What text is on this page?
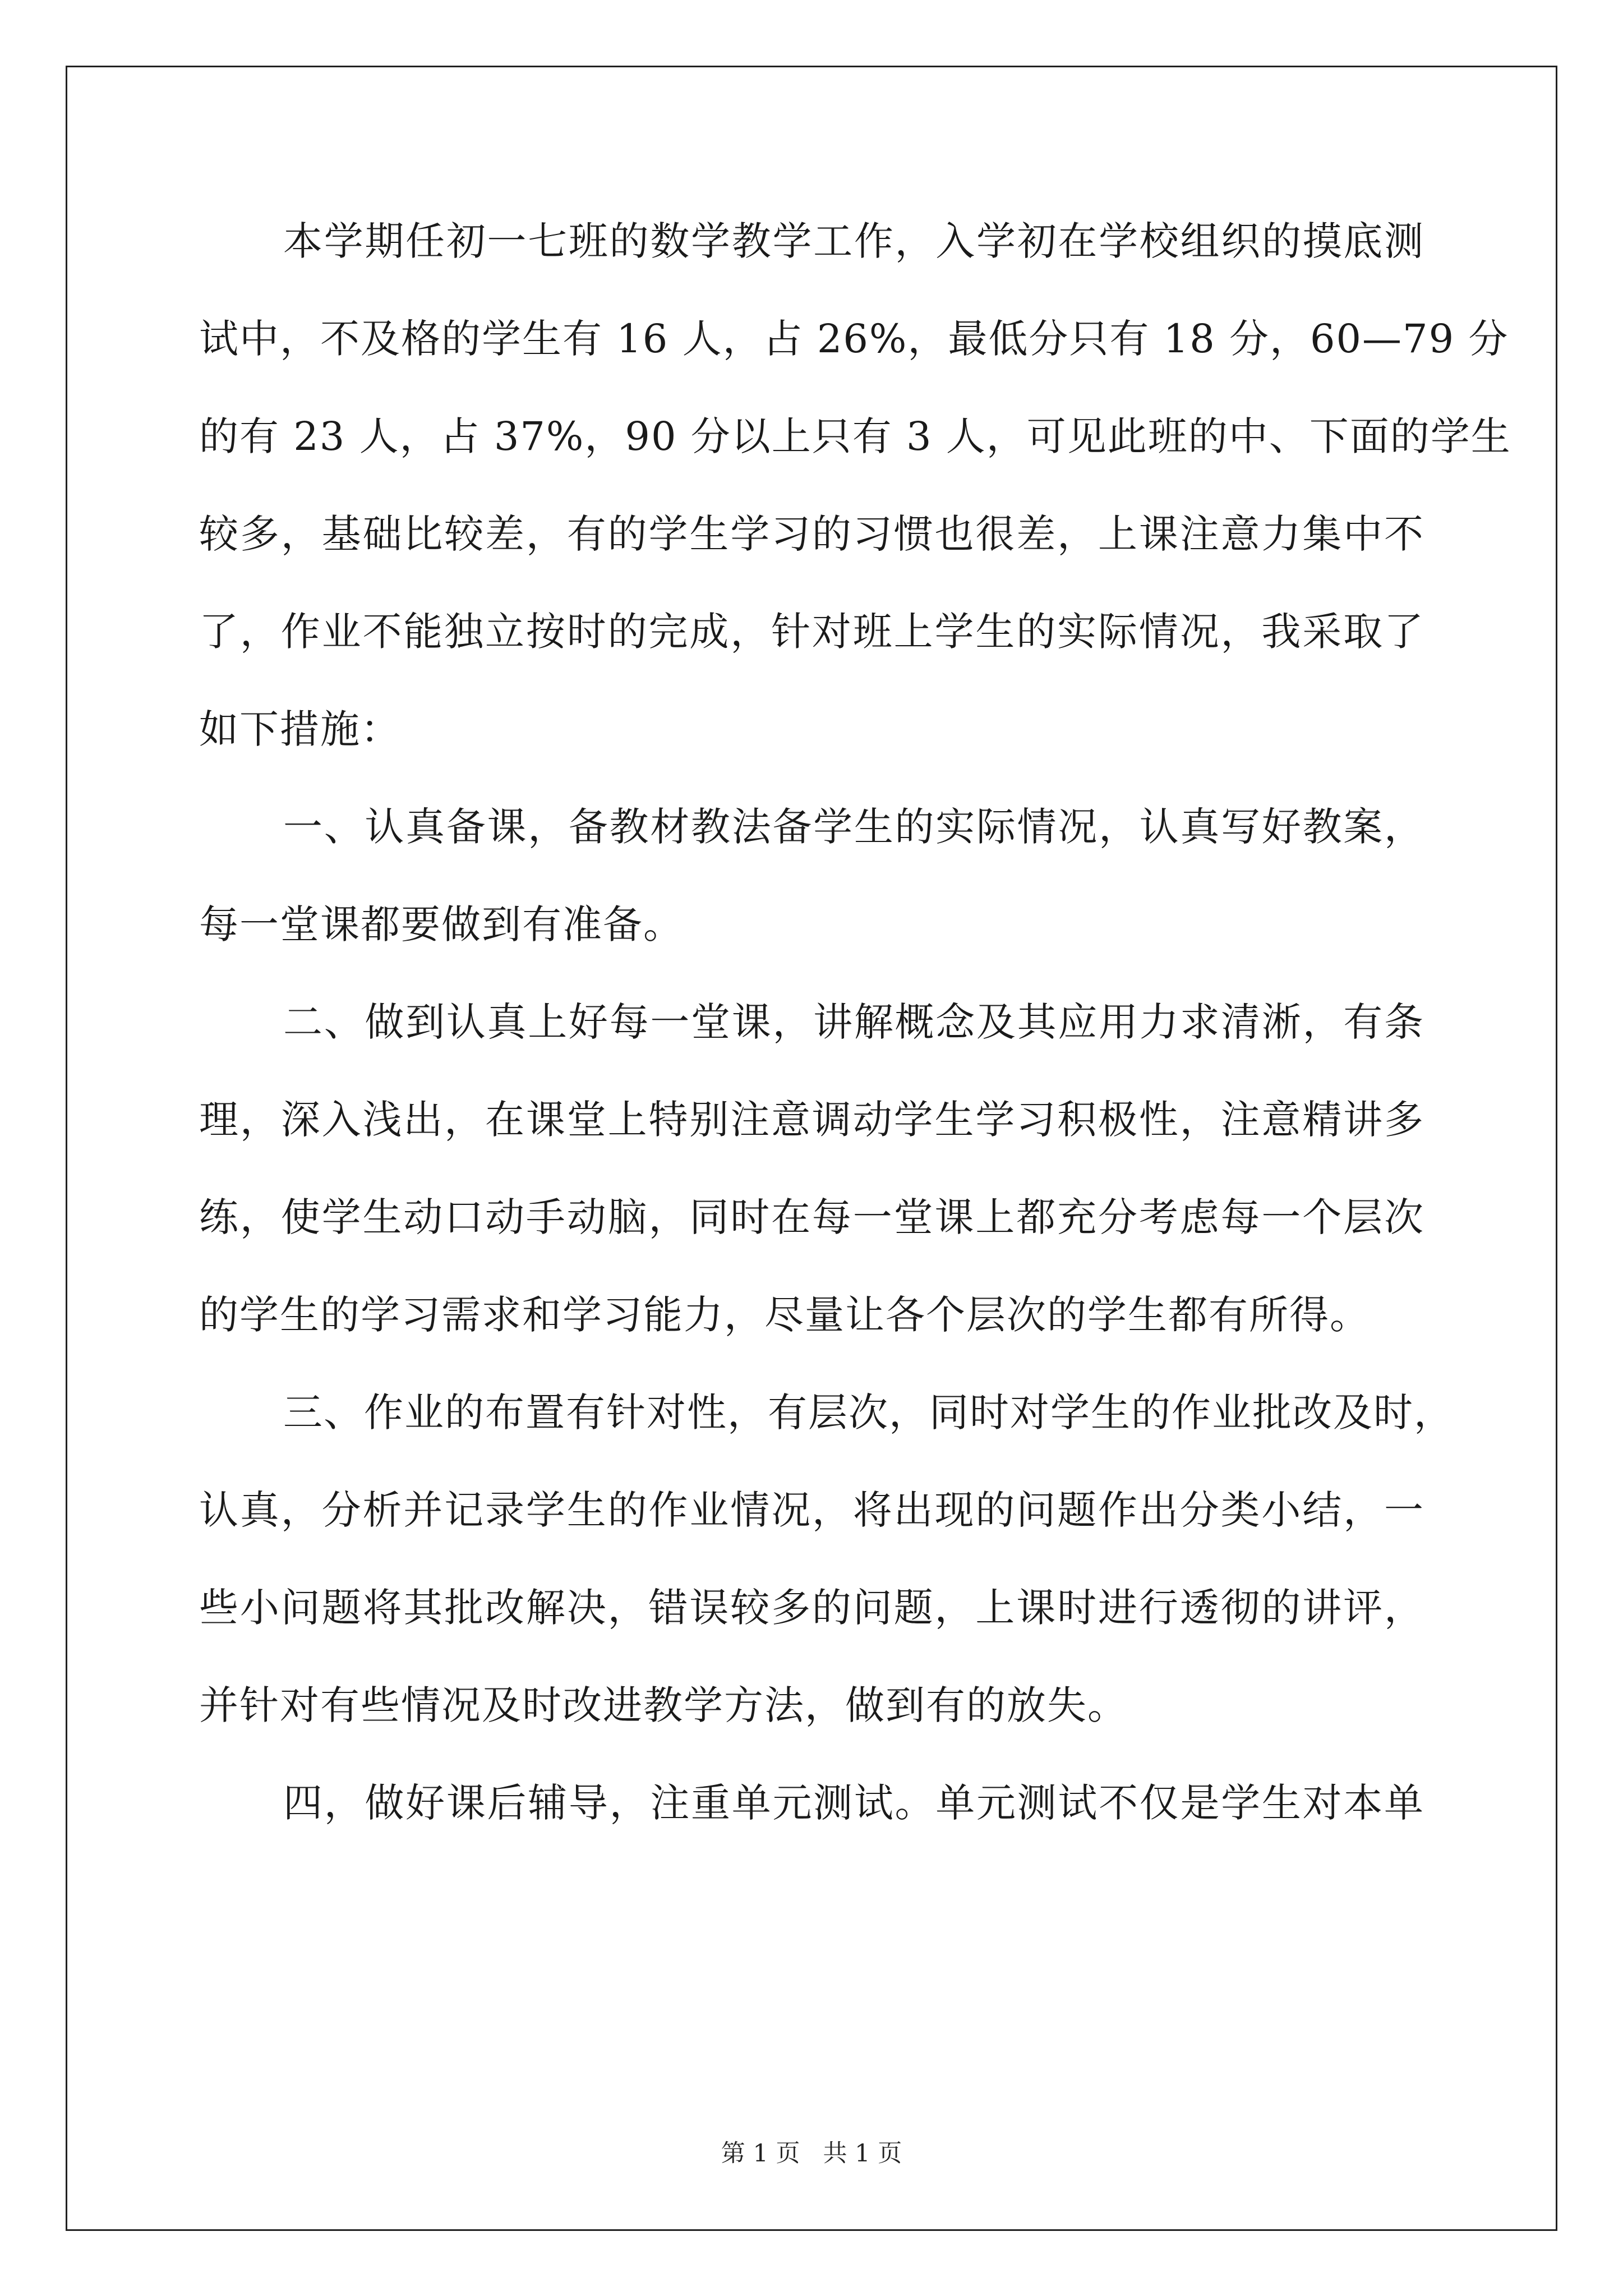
本学期任初一七班的数学教学工作，入学初在学校组织的摸底测
试中，不及格的学生有 16 人，占 26%，最低分只有 18 分，60—79 分
的有 23 人，占 37%，90 分以上只有 3 人，可见此班的中、下面的学生
较多，基础比较差，有的学生学习的习惯也很差，上课注意力集中不
了，作业不能独立按时的完成，针对班上学生的实际情况，我采取了
如下措施：
一、认真备课，备教材教法备学生的实际情况，认真写好教案，
每一堂课都要做到有准备。
二、做到认真上好每一堂课，讲解概念及其应用力求清淅，有条
理，深入浅出，在课堂上特别注意调动学生学习积极性，注意精讲多
练，使学生动口动手动脑，同时在每一堂课上都充分考虑每一个层次
的学生的学习需求和学习能力，尽量让各个层次的学生都有所得。
三、作业的布置有针对性，有层次，同时对学生的作业批改及时，
认真，分析并记录学生的作业情况，将出现的问题作出分类小结，一
些小问题将其批改解决，错误较多的问题，上课时进行透彻的讲评，
并针对有些情况及时改进教学方法，做到有的放失。
四，做好课后辅导，注重单元测试。单元测试不仅是学生对本单
第 1 页 共 1 页
